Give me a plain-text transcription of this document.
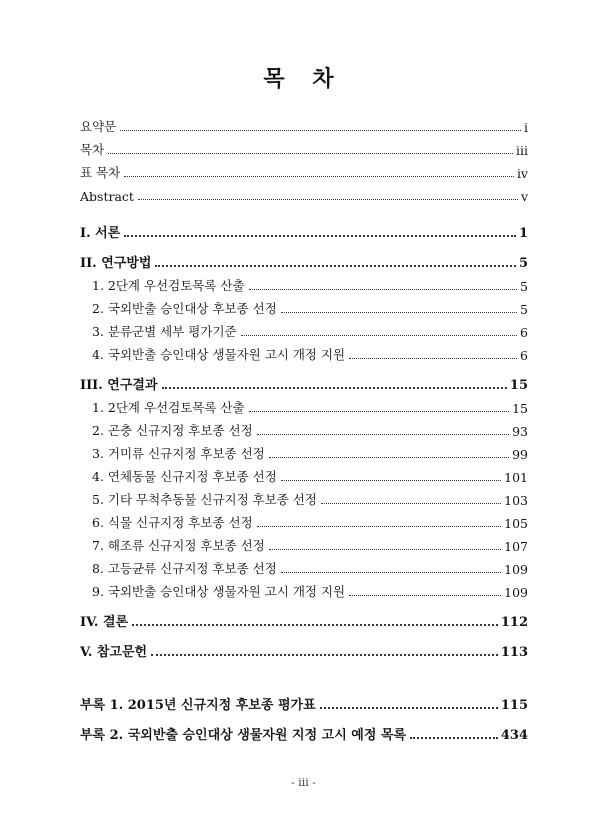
목 차
요약문	i
목차	iii
표 목차	iv
Abstract	v
I. 서론	1
II. 연구방법	5
1. 2단계 우선검토목록 산출	5
2. 국외반출 승인대상 후보종 선정	5
3. 분류군별 세부 평가기준	6
4. 국외반출 승인대상 생물자원 고시 개정 지원	6
III. 연구결과	15
1. 2단계 우선검토목록 산출	15
2. 곤충 신규지정 후보종 선정	93
3. 거미류 신규지정 후보종 선정	99
4. 연체동물 신규지정 후보종 선정	101
5. 기타 무척추동물 신규지정 후보종 선정	103
6. 식물 신규지정 후보종 선정	105
7. 해조류 신규지정 후보종 선정	107
8. 고등균류 신규지정 후보종 선정	109
9. 국외반출 승인대상 생물자원 고시 개정 지원	109
IV. 결론	112
V. 참고문헌	113
부록 1. 2015년 신규지정 후보종 평가표	115
부록 2. 국외반출 승인대상 생물자원 지정 고시 예정 목록	434
- iii -
